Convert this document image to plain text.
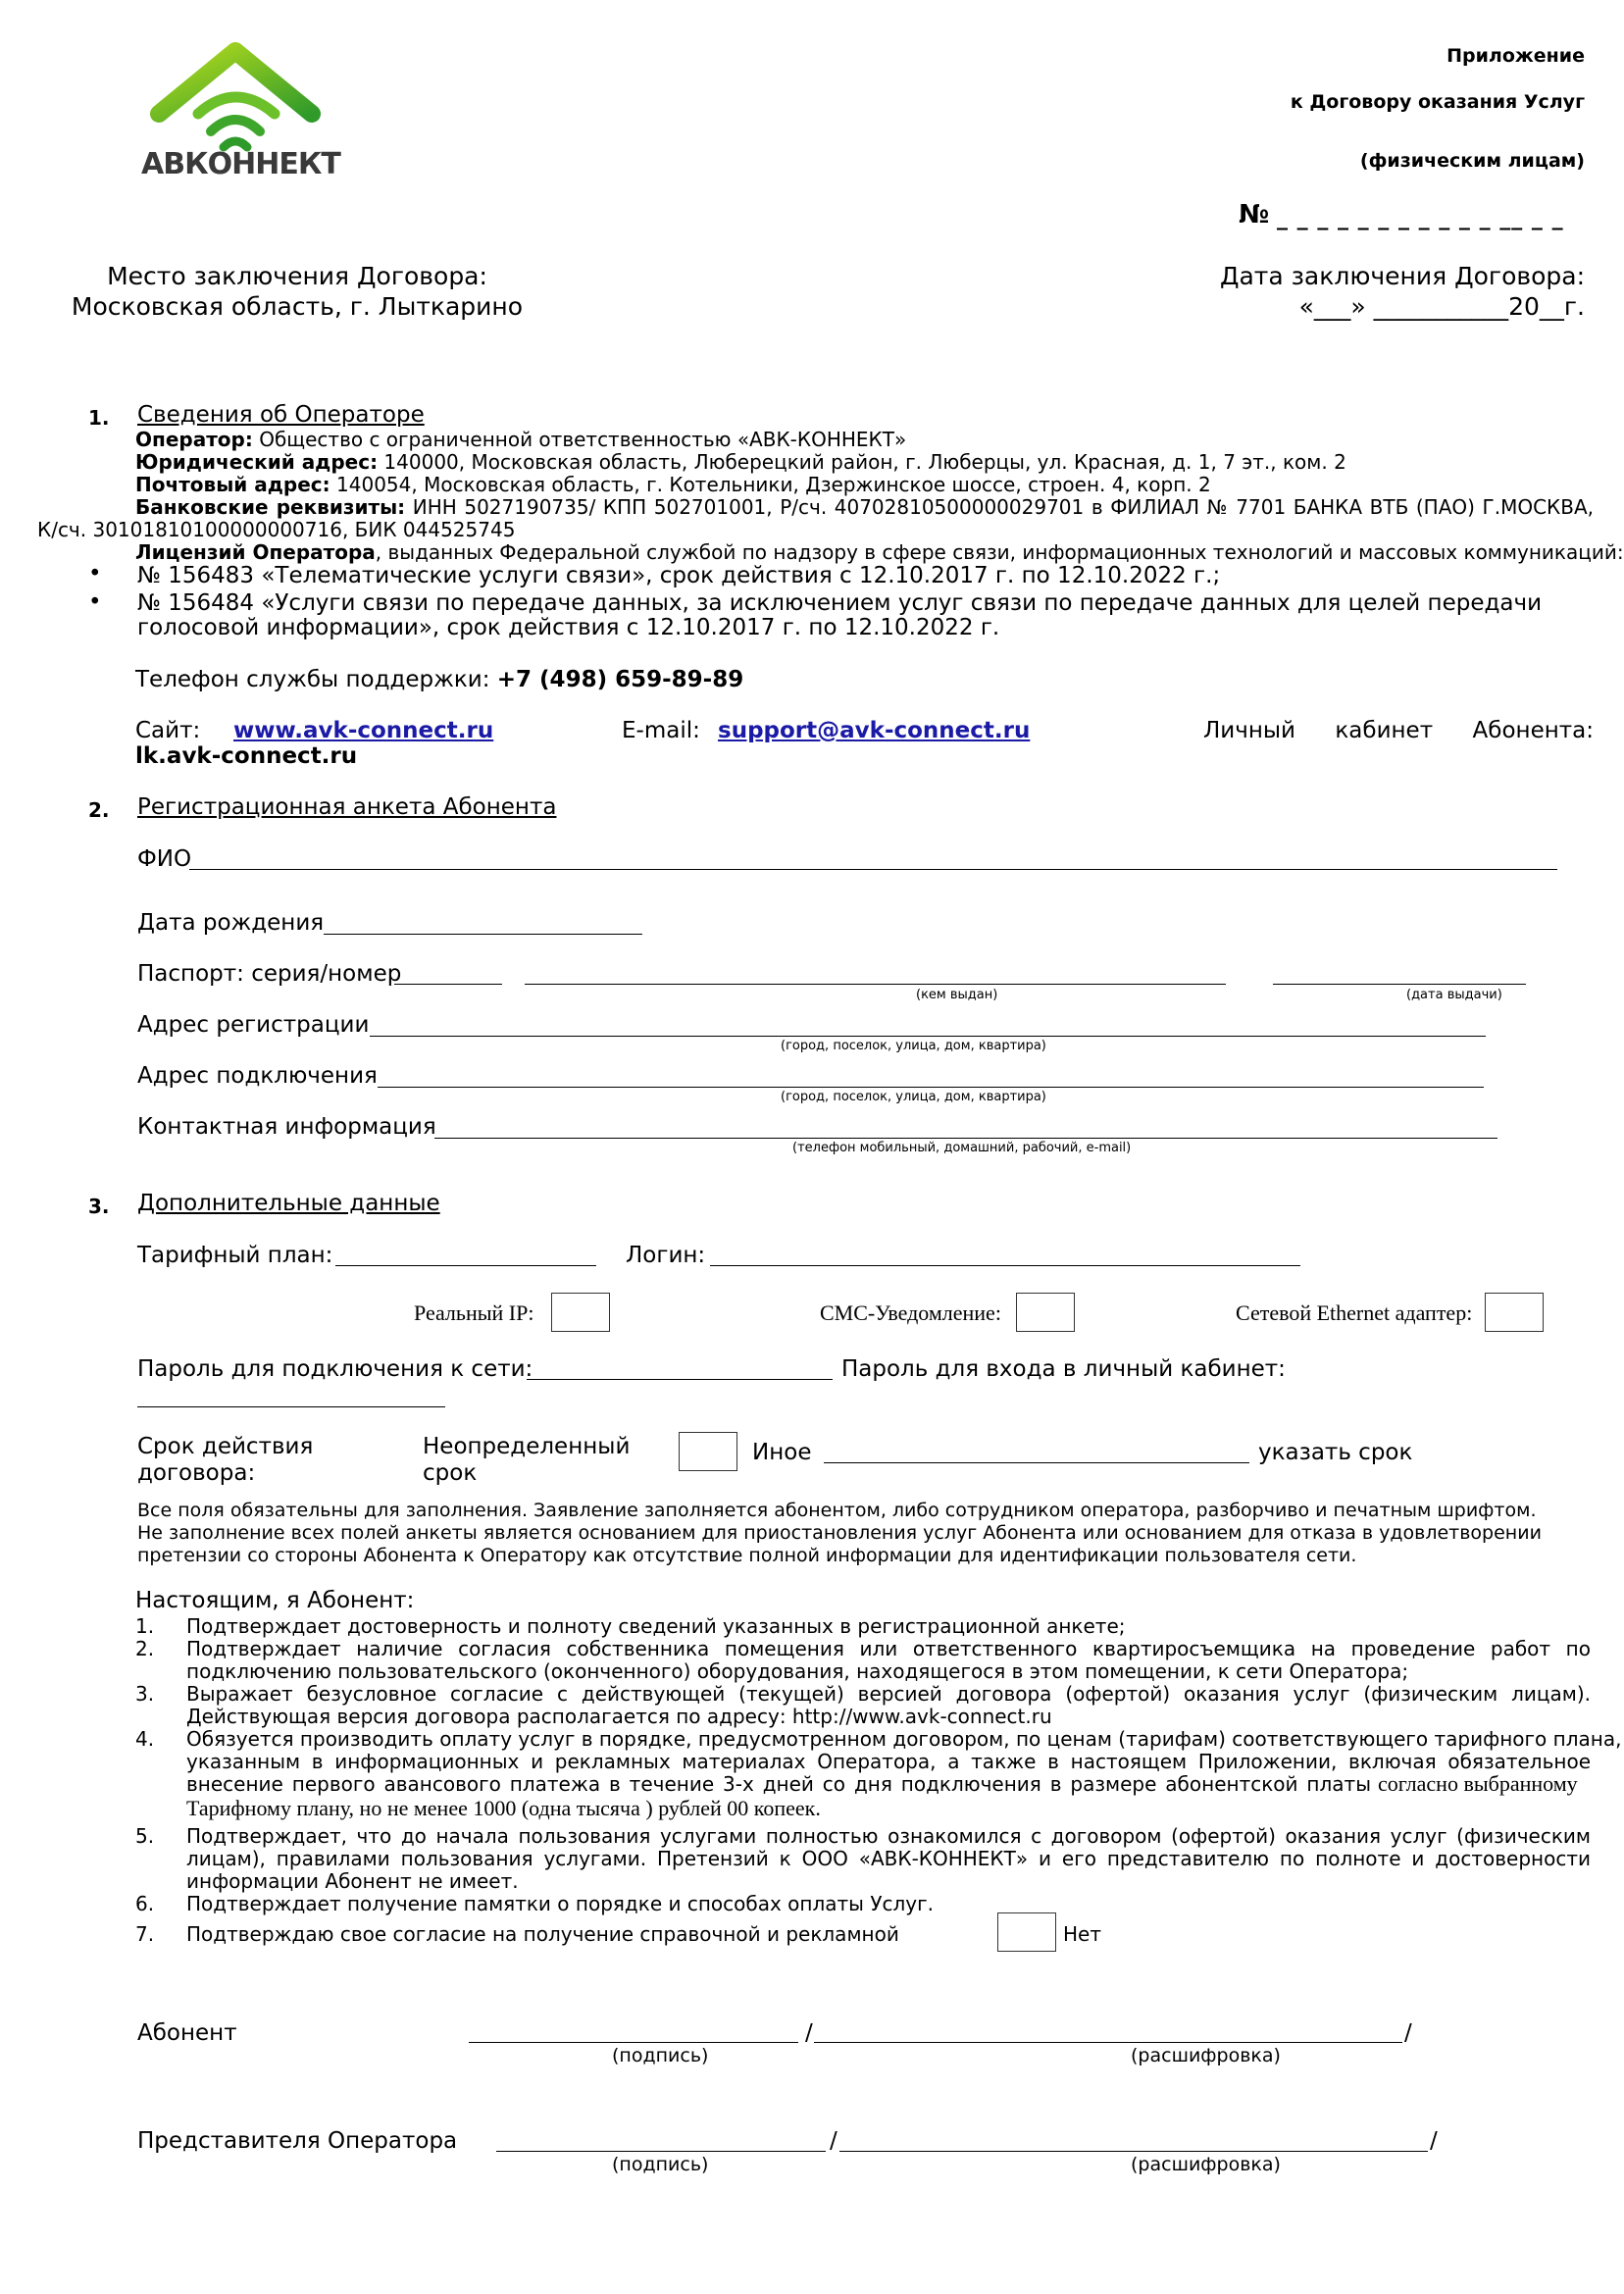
АВКОННЕКТ
Приложение
к Договору оказания Услуг
(физическим лицам)
№ _ _ _ _ _ _ _ _ _ _ _ __ _ _
Место заключения Договора:
Московская область, г. Лыткарино
Дата заключения Договора:
«___» ___________20__г.
1. Сведения об Операторе
Оператор: Общество с ограниченной ответственностью «АВК-КОННЕКТ»
Юридический адрес: 140000, Московская область, Люберецкий район, г. Люберцы, ул. Красная, д. 1, 7 эт., ком. 2
Почтовый адрес: 140054, Московская область, г. Котельники, Дзержинское шоссе, строен. 4, корп. 2
Банковские реквизиты: ИНН 5027190735/ КПП 502701001, Р/сч. 40702810500000029701 в ФИЛИАЛ № 7701 БАНКА ВТБ (ПАО) Г.МОСКВА,
К/сч. 30101810100000000716, БИК 044525745
Лицензий Оператора, выданных Федеральной службой по надзору в сфере связи, информационных технологий и массовых коммуникаций:
• № 156483 «Телематические услуги связи», срок действия с 12.10.2017 г. по 12.10.2022 г.;
• № 156484 «Услуги связи по передаче данных, за исключением услуг связи по передаче данных для целей передачи
голосовой информации», срок действия с 12.10.2017 г. по 12.10.2022 г.
Телефон службы поддержки: +7 (498) 659-89-89
Сайт: www.avk-connect.ru	E-mail: support@avk-connect.ru	Личный кабинет Абонента:
lk.avk-connect.ru
2. Регистрационная анкета Абонента
ФИО
Дата рождения
Паспорт: серия/номер
(кем выдан)	(дата выдачи)
Адрес регистрации
(город, поселок, улица, дом, квартира)
Адрес подключения
(город, поселок, улица, дом, квартира)
Контактная информация
(телефон мобильный, домашний, рабочий, e-mail)
3. Дополнительные данные
Тарифный план:	Логин:
Реальный IP:	СМС-Уведомление:	Сетевой Ethernet адаптер:
Пароль для подключения к сети:	Пароль для входа в личный кабинет:
Срок действия договора:
Неопределенный срок
Иное	указать срок
Все поля обязательны для заполнения. Заявление заполняется абонентом, либо сотрудником оператора, разборчиво и печатным шрифтом.
Не заполнение всех полей анкеты является основанием для приостановления услуг Абонента или основанием для отказа в удовлетворении
претензии со стороны Абонента к Оператору как отсутствие полной информации для идентификации пользователя сети.
Настоящим, я Абонент:
1. Подтверждает достоверность и полноту сведений указанных в регистрационной анкете;
2. Подтверждает наличие согласия собственника помещения или ответственного квартиросъемщика на проведение работ по
подключению пользовательского (оконченного) оборудования, находящегося в этом помещении, к сети Оператора;
3. Выражает безусловное согласие с действующей (текущей) версией договора (офертой) оказания услуг (физическим лицам).
Действующая версия договора располагается по адресу: http://www.avk-connect.ru
4. Обязуется производить оплату услуг в порядке, предусмотренном договором, по ценам (тарифам) соответствующего тарифного плана,
указанным в информационных и рекламных материалах Оператора, а также в настоящем Приложении, включая обязательное
внесение первого авансового платежа в течение 3-х дней со дня подключения в размере абонентской платы согласно выбранному
Тарифному плану, но не менее 1000 (одна тысяча ) рублей 00 копеек.
5. Подтверждает, что до начала пользования услугами полностью ознакомился с договором (офертой) оказания услуг (физическим
лицам), правилами пользования услугами. Претензий к ООО «АВК-КОННЕКТ» и его представителю по полноте и достоверности
информации Абонент не имеет.
6. Подтверждает получение памятки о порядке и способах оплаты Услуг.
7. Подтверждаю свое согласие на получение справочной и рекламной	Нет
Абонент	/	/
(подпись)	(расшифровка)
Представителя Оператора	/	/
(подпись)	(расшифровка)
